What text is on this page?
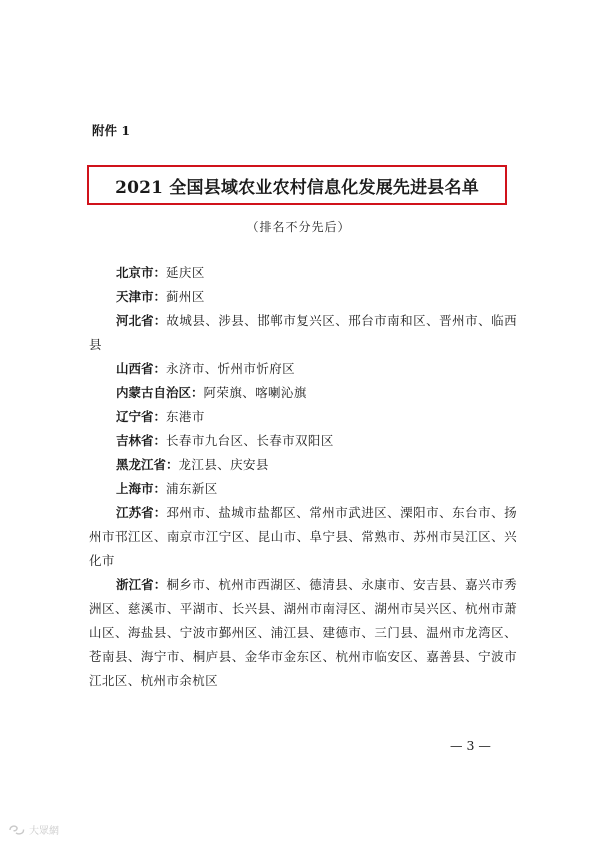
附件 1
2021 全国县域农业农村信息化发展先进县名单
（排名不分先后）
北京市：延庆区
天津市：蓟州区
河北省：故城县、涉县、邯郸市复兴区、邢台市南和区、晋州市、临西县
山西省：永济市、忻州市忻府区
内蒙古自治区：阿荣旗、喀喇沁旗
辽宁省：东港市
吉林省：长春市九台区、长春市双阳区
黑龙江省：龙江县、庆安县
上海市：浦东新区
江苏省：邳州市、盐城市盐都区、常州市武进区、溧阳市、东台市、扬州市邗江区、南京市江宁区、昆山市、阜宁县、常熟市、苏州市吴江区、兴化市
浙江省：桐乡市、杭州市西湖区、德清县、永康市、安吉县、嘉兴市秀洲区、慈溪市、平湖市、长兴县、湖州市南浔区、湖州市吴兴区、杭州市萧山区、海盐县、宁波市鄞州区、浦江县、建德市、三门县、温州市龙湾区、苍南县、海宁市、桐庐县、金华市金东区、杭州市临安区、嘉善县、宁波市江北区、杭州市余杭区
— 3 —
大眾網
